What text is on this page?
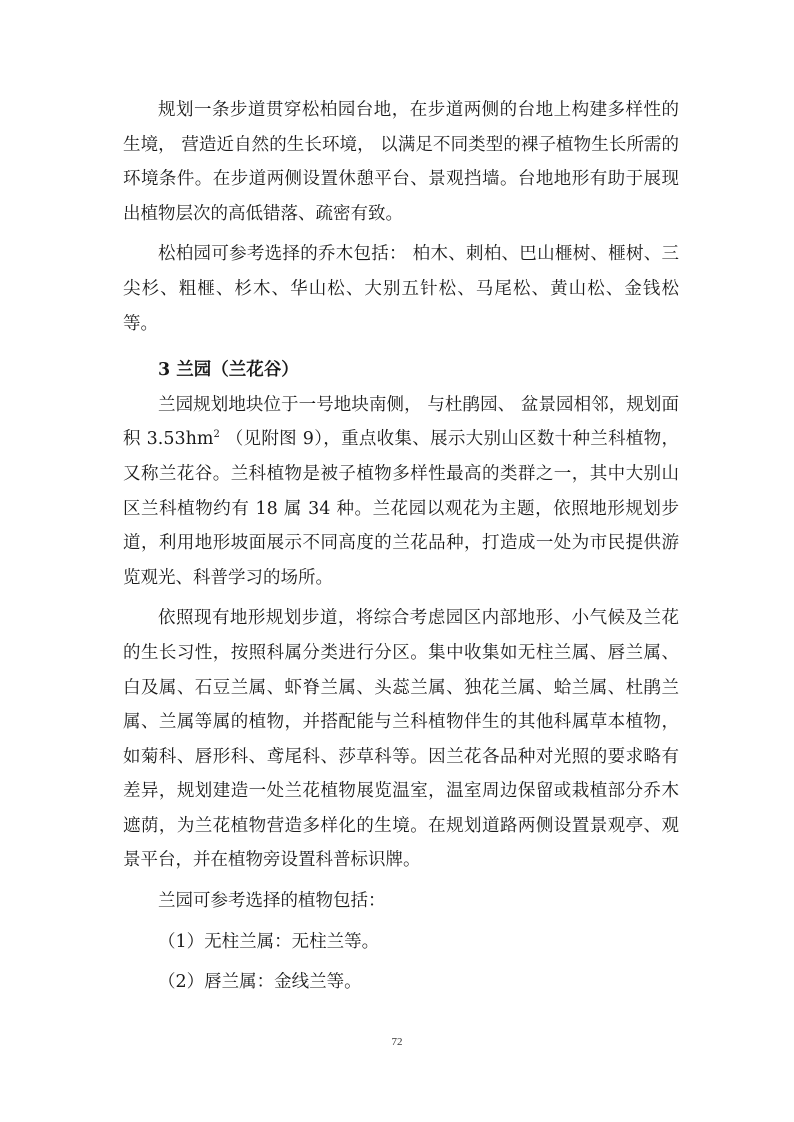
规划一条步道贯穿松柏园台地，在步道两侧的台地上构建多样性的生境， 营造近自然的生长环境， 以满足不同类型的裸子植物生长所需的环境条件。在步道两侧设置休憩平台、景观挡墙。台地地形有助于展现出植物层次的高低错落、疏密有致。

松柏园可参考选择的乔木包括： 柏木、刺柏、巴山榧树、榧树、三尖杉、粗榧、杉木、华山松、大别五针松、马尾松、黄山松、金钱松等。

3 兰园（兰花谷）

兰园规划地块位于一号地块南侧， 与杜鹃园、 盆景园相邻，规划面积 $3.53hm^2$ （见附图 9），重点收集、展示大别山区数十种兰科植物，又称兰花谷。兰科植物是被子植物多样性最高的类群之一，其中大别山区兰科植物约有 18 属 34 种。兰花园以观花为主题，依照地形规划步道，利用地形坡面展示不同高度的兰花品种，打造成一处为市民提供游览观光、科普学习的场所。

依照现有地形规划步道，将综合考虑园区内部地形、小气候及兰花的生长习性，按照科属分类进行分区。集中收集如无柱兰属、唇兰属、 白及属、石豆兰属、虾脊兰属、头蕊兰属、独花兰属、蛤兰属、杜鹃兰属、兰属等属的植物，并搭配能与兰科植物伴生的其他科属草本植物， 如菊科、唇形科、鸢尾科、莎草科等。因兰花各品种对光照的要求略有差异，规划建造一处兰花植物展览温室，温室周边保留或栽植部分乔木遮荫，为兰花植物营造多样化的生境。在规划道路两侧设置景观亭、观景平台，并在植物旁设置科普标识牌。

兰园可参考选择的植物包括：

（1）无柱兰属：无柱兰等。

（2）唇兰属：金线兰等。

72
